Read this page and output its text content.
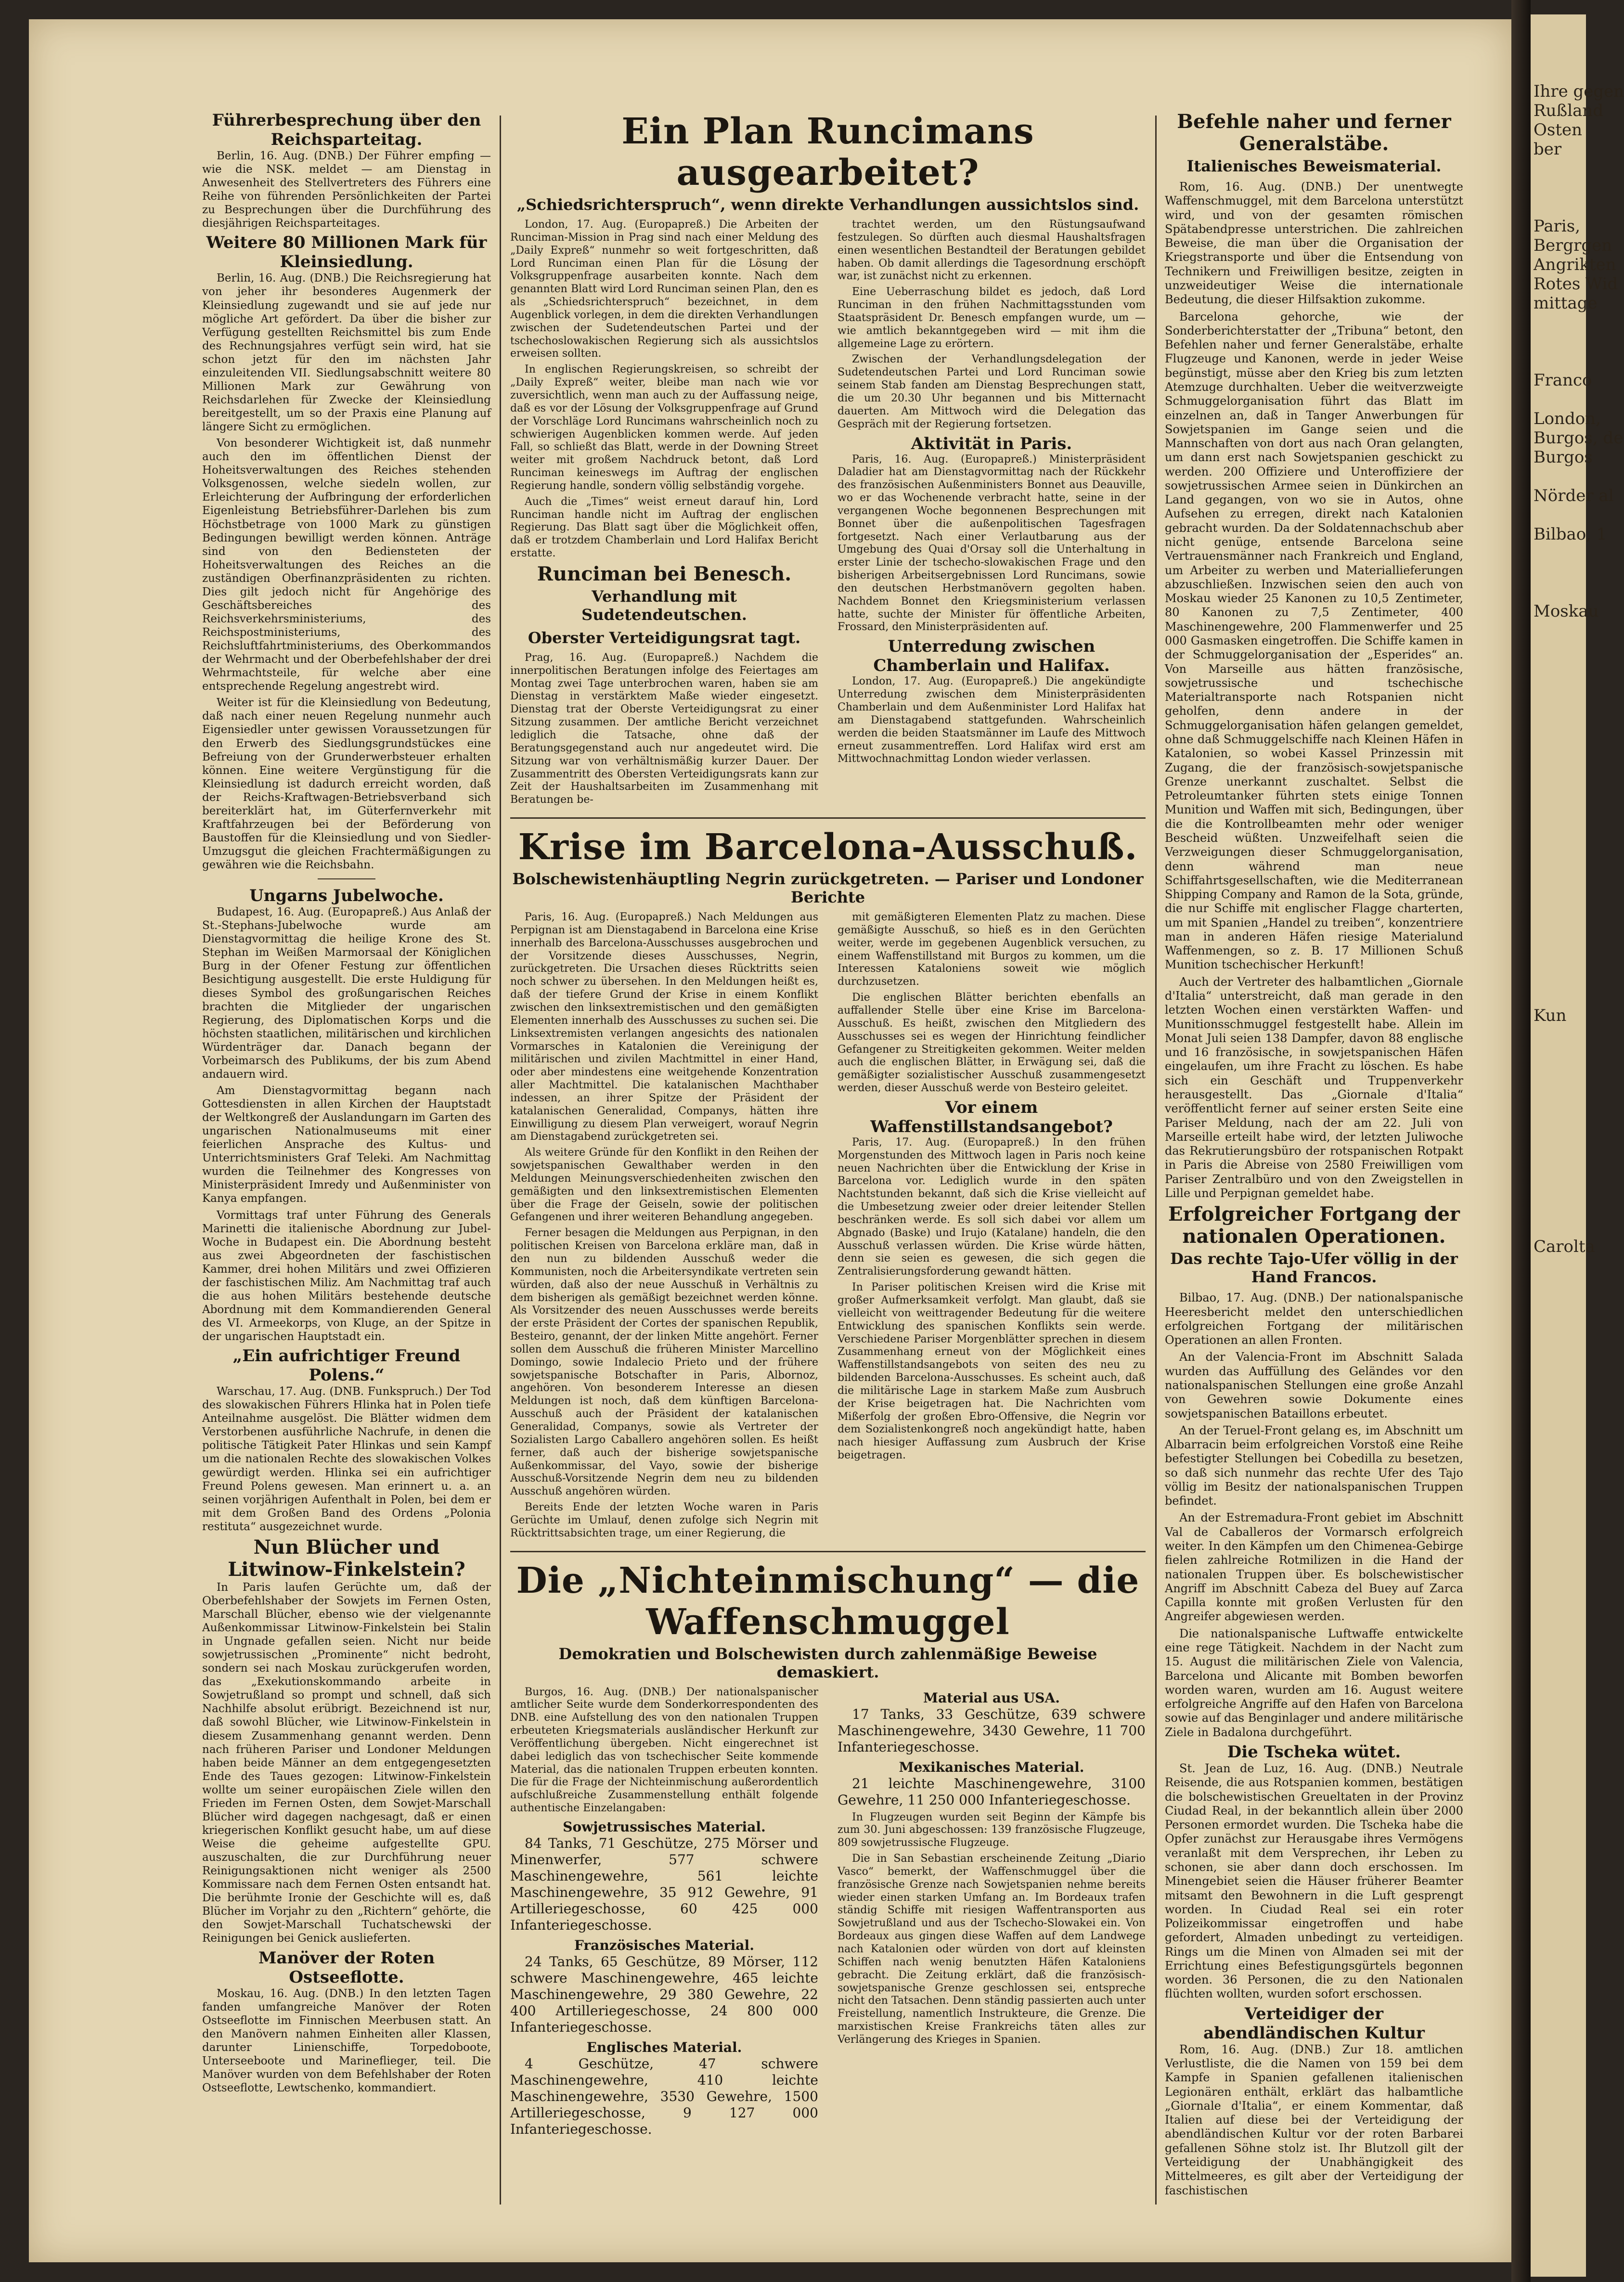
Ihre gegen
Rußland
Osten
ber

Paris,
Bergrgen
Angrikten
Rotes Wid
mittage

Franco

London,
Burgos, de
Burgos

Nörder al

Bilbao, 1

Moskau

Kun

Carolta
Führerbesprechung über den Reichsparteitag.

Berlin, 16. Aug. (DNB.) Der Führer empfing — wie die NSK. meldet — am Dienstag in Anwesenheit des Stellvertreters des Führers eine Reihe von führenden Persönlichkeiten der Partei zu Besprechungen über die Durchführung des diesjährigen Reichsparteitages.

Weitere 80 Millionen Mark für Kleinsiedlung.

Berlin, 16. Aug. (DNB.) Die Reichsregierung hat von jeher ihr besonderes Augenmerk der Kleinsiedlung zugewandt und sie auf jede nur mögliche Art gefördert. Da über die bisher zur Verfügung gestellten Reichsmittel bis zum Ende des Rechnungsjahres verfügt sein wird, hat sie schon jetzt für den im nächsten Jahr einzuleitenden VII. Siedlungsabschnitt weitere 80 Millionen Mark zur Gewährung von Reichsdarlehen für Zwecke der Kleinsiedlung bereitgestellt, um so der Praxis eine Planung auf längere Sicht zu ermöglichen.

Von besonderer Wichtigkeit ist, daß nunmehr auch den im öffentlichen Dienst der Hoheitsverwaltungen des Reiches stehenden Volksgenossen, welche siedeln wollen, zur Erleichterung der Aufbringung der erforderlichen Eigenleistung Betriebsführer-Darlehen bis zum Höchstbetrage von 1000 Mark zu günstigen Bedingungen bewilligt werden können. Anträge sind von den Bediensteten der Hoheitsverwaltungen des Reiches an die zuständigen Oberfinanzpräsidenten zu richten. Dies gilt jedoch nicht für Angehörige des Geschäftsbereiches des Reichsverkehrsministeriums, des Reichspostministeriums, des Reichsluftfahrtministeriums, des Oberkommandos der Wehrmacht und der Oberbefehlshaber der drei Wehrmachtsteile, für welche aber eine entsprechende Regelung angestrebt wird.

Weiter ist für die Kleinsiedlung von Bedeutung, daß nach einer neuen Regelung nunmehr auch Eigensiedler unter gewissen Voraussetzungen für den Erwerb des Siedlungsgrundstückes eine Befreiung von der Grunderwerbsteuer erhalten können. Eine weitere Vergünstigung für die Kleinsiedlung ist dadurch erreicht worden, daß der Reichs-Kraftwagen-Betriebsverband sich bereiterklärt hat, im Güterfernverkehr mit Kraftfahrzeugen bei der Beförderung von Baustoffen für die Kleinsiedlung und von Siedler-Umzugsgut die gleichen Frachtermäßigungen zu gewähren wie die Reichsbahn.

Ungarns Jubelwoche.

Budapest, 16. Aug. (Europapreß.) Aus Anlaß der St.-Stephans-Jubelwoche wurde am Dienstagvormittag die heilige Krone des St. Stephan im Weißen Marmorsaal der Königlichen Burg in der Ofener Festung zur öffentlichen Besichtigung ausgestellt. Die erste Huldigung für dieses Symbol des großungarischen Reiches brachten die Mitglieder der ungarischen Regierung, des Diplomatischen Korps und die höchsten staatlichen, militärischen und kirchlichen Würdenträger dar. Danach begann der Vorbeimarsch des Publikums, der bis zum Abend andauern wird.

Am Dienstagvormittag begann nach Gottesdiensten in allen Kirchen der Hauptstadt der Weltkongreß der Auslandungarn im Garten des ungarischen Nationalmuseums mit einer feierlichen Ansprache des Kultus- und Unterrichtsministers Graf Teleki. Am Nachmittag wurden die Teilnehmer des Kongresses von Ministerpräsident Imredy und Außenminister von Kanya empfangen.

Vormittags traf unter Führung des Generals Marinetti die italienische Abordnung zur Jubel-Woche in Budapest ein. Die Abordnung besteht aus zwei Abgeordneten der faschistischen Kammer, drei hohen Militärs und zwei Offizieren der faschistischen Miliz. Am Nachmittag traf auch die aus hohen Militärs bestehende deutsche Abordnung mit dem Kommandierenden General des VI. Armeekorps, von Kluge, an der Spitze in der ungarischen Hauptstadt ein.

„Ein aufrichtiger Freund Polens.“

Warschau, 17. Aug. (DNB. Funkspruch.) Der Tod des slowakischen Führers Hlinka hat in Polen tiefe Anteilnahme ausgelöst. Die Blätter widmen dem Verstorbenen ausführliche Nachrufe, in denen die politische Tätigkeit Pater Hlinkas und sein Kampf um die nationalen Rechte des slowakischen Volkes gewürdigt werden. Hlinka sei ein aufrichtiger Freund Polens gewesen. Man erinnert u. a. an seinen vorjährigen Aufenthalt in Polen, bei dem er mit dem Großen Band des Ordens „Polonia restituta“ ausgezeichnet wurde.

Nun Blücher und Litwinow-Finkelstein?

In Paris laufen Gerüchte um, daß der Oberbefehlshaber der Sowjets im Fernen Osten, Marschall Blücher, ebenso wie der vielgenannte Außenkommissar Litwinow-Finkelstein bei Stalin in Ungnade gefallen seien. Nicht nur beide sowjetrussischen „Prominente“ nicht bedroht, sondern sei nach Moskau zurückgerufen worden, das „Exekutionskommando arbeite in Sowjetrußland so prompt und schnell, daß sich Nachhilfe absolut erübrigt. Bezeichnend ist nur, daß sowohl Blücher, wie Litwinow-Finkelstein in diesem Zusammenhang genannt werden. Denn nach früheren Pariser und Londoner Meldungen haben beide Männer an dem entgegengesetzten Ende des Taues gezogen: Litwinow-Finkelstein wollte um seiner europäischen Ziele willen den Frieden im Fernen Osten, dem Sowjet-Marschall Blücher wird dagegen nachgesagt, daß er einen kriegerischen Konflikt gesucht habe, um auf diese Weise die geheime aufgestellte GPU. auszuschalten, die zur Durchführung neuer Reinigungsaktionen nicht weniger als 2500 Kommissare nach dem Fernen Osten entsandt hat. Die berühmte Ironie der Geschichte will es, daß Blücher im Vorjahr zu den „Richtern“ gehörte, die den Sowjet-Marschall Tuchatschewski der Reinigungen bei Genick auslieferten.

Manöver der Roten Ostseeflotte.

Moskau, 16. Aug. (DNB.) In den letzten Tagen fanden umfangreiche Manöver der Roten Ostseeflotte im Finnischen Meerbusen statt. An den Manövern nahmen Einheiten aller Klassen, darunter Linienschiffe, Torpedoboote, Unterseeboote und Marineflieger, teil. Die Manöver wurden von dem Befehlshaber der Roten Ostseeflotte, Lewtschenko, kommandiert.

Ein Plan Runcimans ausgearbeitet?
„Schiedsrichterspruch“, wenn direkte Verhandlungen aussichtslos sind.

London, 17. Aug. (Europapreß.) Die Arbeiten der Runciman-Mission in Prag sind nach einer Meldung des „Daily Expreß“ nunmehr so weit fortgeschritten, daß Lord Runciman einen Plan für die Lösung der Volksgruppenfrage ausarbeiten konnte. Nach dem genannten Blatt wird Lord Runciman seinen Plan, den es als „Schiedsrichterspruch“ bezeichnet, in dem Augenblick vorlegen, in dem die direkten Verhandlungen zwischen der Sudetendeutschen Partei und der tschechoslowakischen Regierung sich als aussichtslos erweisen sollten.

In englischen Regierungskreisen, so schreibt der „Daily Expreß“ weiter, bleibe man nach wie vor zuversichtlich, wenn man auch zu der Auffassung neige, daß es vor der Lösung der Volksgruppenfrage auf Grund der Vorschläge Lord Runcimans wahrscheinlich noch zu schwierigen Augenblicken kommen werde. Auf jeden Fall, so schließt das Blatt, werde in der Downing Street weiter mit großem Nachdruck betont, daß Lord Runciman keineswegs im Auftrag der englischen Regierung handle, sondern völlig selbständig vorgehe.

Auch die „Times“ weist erneut darauf hin, Lord Runciman handle nicht im Auftrag der englischen Regierung. Das Blatt sagt über die Möglichkeit offen, daß er trotzdem Chamberlain und Lord Halifax Bericht erstatte.

Runciman bei Benesch.
Verhandlung mit Sudetendeutschen.
Oberster Verteidigungsrat tagt.

Prag, 16. Aug. (Europapreß.) Nachdem die innerpolitischen Beratungen infolge des Feiertages am Montag zwei Tage unterbrochen waren, haben sie am Dienstag in verstärktem Maße wieder eingesetzt. Dienstag trat der Oberste Verteidigungsrat zu einer Sitzung zusammen. Der amtliche Bericht verzeichnet lediglich die Tatsache, ohne daß der Beratungsgegenstand auch nur angedeutet wird. Die Sitzung war von verhältnismäßig kurzer Dauer. Der Zusammentritt des Obersten Verteidigungsrats kann zur Zeit der Haushaltsarbeiten im Zusammenhang mit Beratungen be-

trachtet werden, um den Rüstungsaufwand festzulegen. So dürften auch diesmal Haushaltsfragen einen wesentlichen Bestandteil der Beratungen gebildet haben. Ob damit allerdings die Tagesordnung erschöpft war, ist zunächst nicht zu erkennen.

Eine Ueberraschung bildet es jedoch, daß Lord Runciman in den frühen Nachmittagsstunden vom Staatspräsident Dr. Benesch empfangen wurde, um — wie amtlich bekanntgegeben wird — mit ihm die allgemeine Lage zu erörtern.

Zwischen der Verhandlungsdelegation der Sudetendeutschen Partei und Lord Runciman sowie seinem Stab fanden am Dienstag Besprechungen statt, die um 20.30 Uhr begannen und bis Mitternacht dauerten. Am Mittwoch wird die Delegation das Gespräch mit der Regierung fortsetzen.

Aktivität in Paris.

Paris, 16. Aug. (Europapreß.) Ministerpräsident Daladier hat am Dienstagvormittag nach der Rückkehr des französischen Außenministers Bonnet aus Deauville, wo er das Wochenende verbracht hatte, seine in der vergangenen Woche begonnenen Besprechungen mit Bonnet über die außenpolitischen Tagesfragen fortgesetzt. Nach einer Verlautbarung aus der Umgebung des Quai d'Orsay soll die Unterhaltung in erster Linie der tschecho-slowakischen Frage und den bisherigen Arbeitsergebnissen Lord Runcimans, sowie den deutschen Herbstmanövern gegolten haben. Nachdem Bonnet den Kriegsministerium verlassen hatte, suchte der Minister für öffentliche Arbeiten, Frossard, den Ministerpräsidenten auf.

Unterredung zwischen Chamberlain und Halifax.

London, 17. Aug. (Europapreß.) Die angekündigte Unterredung zwischen dem Ministerpräsidenten Chamberlain und dem Außenminister Lord Halifax hat am Dienstagabend stattgefunden. Wahrscheinlich werden die beiden Staatsmänner im Laufe des Mittwoch erneut zusammentreffen. Lord Halifax wird erst am Mittwochnachmittag London wieder verlassen.

Krise im Barcelona-Ausschuß.
Bolschewistenhäuptling Negrin zurückgetreten. — Pariser und Londoner Berichte

Paris, 16. Aug. (Europapreß.) Nach Meldungen aus Perpignan ist am Dienstagabend in Barcelona eine Krise innerhalb des Barcelona-Ausschusses ausgebrochen und der Vorsitzende dieses Ausschusses, Negrin, zurückgetreten. Die Ursachen dieses Rücktritts seien noch schwer zu übersehen. In den Meldungen heißt es, daß der tiefere Grund der Krise in einem Konflikt zwischen den linksextremistischen und den gemäßigten Elementen innerhalb des Ausschusses zu suchen sei. Die Linksextremisten verlangen angesichts des nationalen Vormarsches in Katalonien die Vereinigung der militärischen und zivilen Machtmittel in einer Hand, oder aber mindestens eine weitgehende Konzentration aller Machtmittel. Die katalanischen Machthaber indessen, an ihrer Spitze der Präsident der katalanischen Generalidad, Companys, hätten ihre Einwilligung zu diesem Plan verweigert, worauf Negrin am Dienstagabend zurückgetreten sei.

Als weitere Gründe für den Konflikt in den Reihen der sowjetspanischen Gewalthaber werden in den Meldungen Meinungsverschiedenheiten zwischen den gemäßigten und den linksextremistischen Elementen über die Frage der Geiseln, sowie der politischen Gefangenen und ihrer weiteren Behandlung angegeben.

Ferner besagen die Meldungen aus Perpignan, in den politischen Kreisen von Barcelona erkläre man, daß in den nun zu bildenden Ausschuß weder die Kommunisten, noch die Arbeitersyndikate vertreten sein würden, daß also der neue Ausschuß in Verhältnis zu dem bisherigen als gemäßigt bezeichnet werden könne. Als Vorsitzender des neuen Ausschusses werde bereits der erste Präsident der Cortes der spanischen Republik, Besteiro, genannt, der der linken Mitte angehört. Ferner sollen dem Ausschuß die früheren Minister Marcellino Domingo, sowie Indalecio Prieto und der frühere sowjetspanische Botschafter in Paris, Albornoz, angehören. Von besonderem Interesse an diesen Meldungen ist noch, daß dem künftigen Barcelona-Ausschuß auch der Präsident der katalanischen Generalidad, Companys, sowie als Vertreter der Sozialisten Largo Caballero angehören sollen. Es heißt ferner, daß auch der bisherige sowjetspanische Außenkommissar, del Vayo, sowie der bisherige Ausschuß-Vorsitzende Negrin dem neu zu bildenden Ausschuß angehören würden.

Bereits Ende der letzten Woche waren in Paris Gerüchte im Umlauf, denen zufolge sich Negrin mit Rücktrittsabsichten trage, um einer Regierung, die

mit gemäßigteren Elementen Platz zu machen. Diese gemäßigte Ausschuß, so hieß es in den Gerüchten weiter, werde im gegebenen Augenblick versuchen, zu einem Waffenstillstand mit Burgos zu kommen, um die Interessen Kataloniens soweit wie möglich durchzusetzen.

Die englischen Blätter berichten ebenfalls an auffallender Stelle über eine Krise im Barcelona-Ausschuß. Es heißt, zwischen den Mitgliedern des Ausschusses sei es wegen der Hinrichtung feindlicher Gefangener zu Streitigkeiten gekommen. Weiter melden auch die englischen Blätter, in Erwägung sei, daß die gemäßigter sozialistischer Ausschuß zusammengesetzt werden, dieser Ausschuß werde von Besteiro geleitet.

Vor einem Waffenstillstandsangebot?

Paris, 17. Aug. (Europapreß.) In den frühen Morgenstunden des Mittwoch lagen in Paris noch keine neuen Nachrichten über die Entwicklung der Krise in Barcelona vor. Lediglich wurde in den späten Nachtstunden bekannt, daß sich die Krise vielleicht auf die Umbesetzung zweier oder dreier leitender Stellen beschränken werde. Es soll sich dabei vor allem um Abgnado (Baske) und Irujo (Katalane) handeln, die den Ausschuß verlassen würden. Die Krise würde hätten, denn sie seien es gewesen, die sich gegen die Zentralisierungsforderung gewandt hätten.

In Pariser politischen Kreisen wird die Krise mit großer Aufmerksamkeit verfolgt. Man glaubt, daß sie vielleicht von weittragender Bedeutung für die weitere Entwicklung des spanischen Konflikts sein werde. Verschiedene Pariser Morgenblätter sprechen in diesem Zusammenhang erneut von der Möglichkeit eines Waffenstillstandsangebots von seiten des neu zu bildenden Barcelona-Ausschusses. Es scheint auch, daß die militärische Lage in starkem Maße zum Ausbruch der Krise beigetragen hat. Die Nachrichten vom Mißerfolg der großen Ebro-Offensive, die Negrin vor dem Sozialistenkongreß noch angekündigt hatte, haben nach hiesiger Auffassung zum Ausbruch der Krise beigetragen.

Die „Nichteinmischung“ — die Waffenschmuggel
Demokratien und Bolschewisten durch zahlenmäßige Beweise demaskiert.

Burgos, 16. Aug. (DNB.) Der nationalspanischer amtlicher Seite wurde dem Sonderkorrespondenten des DNB. eine Aufstellung des von den nationalen Truppen erbeuteten Kriegsmaterials ausländischer Herkunft zur Veröffentlichung übergeben. Nicht eingerechnet ist dabei lediglich das von tschechischer Seite kommende Material, das die nationalen Truppen erbeuten konnten. Die für die Frage der Nichteinmischung außerordentlich aufschlußreiche Zusammenstellung enthält folgende authentische Einzelangaben:

Sowjetrussisches Material.

84 Tanks, 71 Geschütze, 275 Mörser und Minenwerfer, 577 schwere Maschinengewehre, 561 leichte Maschinengewehre, 35 912 Gewehre, 91 Artilleriegeschosse, 60 425 000 Infanteriegeschosse.

Französisches Material.

24 Tanks, 65 Geschütze, 89 Mörser, 112 schwere Maschinengewehre, 465 leichte Maschinengewehre, 29 380 Gewehre, 22 400 Artilleriegeschosse, 24 800 000 Infanteriegeschosse.

Englisches Material.

4 Geschütze, 47 schwere Maschinengewehre, 410 leichte Maschinengewehre, 3530 Gewehre, 1500 Artilleriegeschosse, 9 127 000 Infanteriegeschosse.

Material aus USA.

17 Tanks, 33 Geschütze, 639 schwere Maschinengewehre, 3430 Gewehre, 11 700 Infanteriegeschosse.

Mexikanisches Material.

21 leichte Maschinengewehre, 3100 Gewehre, 11 250 000 Infanteriegeschosse.

In Flugzeugen wurden seit Beginn der Kämpfe bis zum 30. Juni abgeschossen: 139 französische Flugzeuge, 809 sowjetrussische Flugzeuge.

Die in San Sebastian erscheinende Zeitung „Diario Vasco“ bemerkt, der Waffenschmuggel über die französische Grenze nach Sowjetspanien nehme bereits wieder einen starken Umfang an. Im Bordeaux trafen ständig Schiffe mit riesigen Waffentransporten aus Sowjetrußland und aus der Tschecho-Slowakei ein. Von Bordeaux aus gingen diese Waffen auf dem Landwege nach Katalonien oder würden von dort auf kleinsten Schiffen nach wenig benutzten Häfen Kataloniens gebracht. Die Zeitung erklärt, daß die französisch-sowjetspanische Grenze geschlossen sei, entspreche nicht den Tatsachen. Denn ständig passierten auch unter Freistellung, namentlich Instrukteure, die Grenze. Die marxistischen Kreise Frankreichs täten alles zur Verlängerung des Krieges in Spanien.

Befehle naher und ferner Generalstäbe.
Italienisches Beweismaterial.

Rom, 16. Aug. (DNB.) Der unentwegte Waffenschmuggel, mit dem Barcelona unterstützt wird, und von der gesamten römischen Spätabendpresse unterstrichen. Die zahlreichen Beweise, die man über die Organisation der Kriegstransporte und über die Entsendung von Technikern und Freiwilligen besitze, zeigten in unzweideutiger Weise die internationale Bedeutung, die dieser Hilfsaktion zukomme.

Barcelona gehorche, wie der Sonderberichterstatter der „Tribuna“ betont, den Befehlen naher und ferner Generalstäbe, erhalte Flugzeuge und Kanonen, werde in jeder Weise begünstigt, müsse aber den Krieg bis zum letzten Atemzuge durchhalten. Ueber die weitverzweigte Schmuggelorganisation führt das Blatt im einzelnen an, daß in Tanger Anwerbungen für Sowjetspanien im Gange seien und die Mannschaften von dort aus nach Oran gelangten, um dann erst nach Sowjetspanien geschickt zu werden. 200 Offiziere und Unteroffiziere der sowjetrussischen Armee seien in Dünkirchen an Land gegangen, von wo sie in Autos, ohne Aufsehen zu erregen, direkt nach Katalonien gebracht wurden. Da der Soldatennachschub aber nicht genüge, entsende Barcelona seine Vertrauensmänner nach Frankreich und England, um Arbeiter zu werben und Materiallieferungen abzuschließen. Inzwischen seien den auch von Moskau wieder 25 Kanonen zu 10,5 Zentimeter, 80 Kanonen zu 7,5 Zentimeter, 400 Maschinengewehre, 200 Flammenwerfer und 25 000 Gasmasken eingetroffen. Die Schiffe kamen in der Schmuggelorganisation der „Esperides“ an. Von Marseille aus hätten französische, sowjetrussische und tschechische Materialtransporte nach Rotspanien nicht geholfen, denn andere in der Schmuggelorganisation häfen gelangen gemeldet, ohne daß Schmuggelschiffe nach Kleinen Häfen in Katalonien, so wobei Kassel Prinzessin mit Zugang, die der französisch-sowjetspanische Grenze unerkannt zuschaltet. Selbst die Petroleumtanker führten stets einige Tonnen Munition und Waffen mit sich, Bedingungen, über die die Kontrollbeamten mehr oder weniger Bescheid wüßten. Unzweifelhaft seien die Verzweigungen dieser Schmuggelorganisation, denn während man neue Schiffahrtsgesellschaften, wie die Mediterranean Shipping Company and Ramon de la Sota, gründe, die nur Schiffe mit englischer Flagge charterten, um mit Spanien „Handel zu treiben“, konzentriere man in anderen Häfen riesige Materialund Waffenmengen, so z. B. 17 Millionen Schuß Munition tschechischer Herkunft!

Auch der Vertreter des halbamtlichen „Giornale d'Italia“ unterstreicht, daß man gerade in den letzten Wochen einen verstärkten Waffen- und Munitionsschmuggel festgestellt habe. Allein im Monat Juli seien 138 Dampfer, davon 88 englische und 16 französische, in sowjetspanischen Häfen eingelaufen, um ihre Fracht zu löschen. Es habe sich ein Geschäft und Truppenverkehr herausgestellt. Das „Giornale d'Italia“ veröffentlicht ferner auf seiner ersten Seite eine Pariser Meldung, nach der am 22. Juli von Marseille erteilt habe wird, der letzten Juliwoche das Rekrutierungsbüro der rotspanischen Rotpakt in Paris die Abreise von 2580 Freiwilligen vom Pariser Zentralbüro und von den Zweigstellen in Lille und Perpignan gemeldet habe.

Erfolgreicher Fortgang der nationalen Operationen.
Das rechte Tajo-Ufer völlig in der Hand Francos.

Bilbao, 17. Aug. (DNB.) Der nationalspanische Heeresbericht meldet den unterschiedlichen erfolgreichen Fortgang der militärischen Operationen an allen Fronten.

An der Valencia-Front im Abschnitt Salada wurden das Auffüllung des Geländes vor den nationalspanischen Stellungen eine große Anzahl von Gewehren sowie Dokumente eines sowjetspanischen Bataillons erbeutet.

An der Teruel-Front gelang es, im Abschnitt um Albarracin beim erfolgreichen Vorstoß eine Reihe befestigter Stellungen bei Cobedilla zu besetzen, so daß sich nunmehr das rechte Ufer des Tajo völlig im Besitz der nationalspanischen Truppen befindet.

An der Estremadura-Front gebiet im Abschnitt Val de Caballeros der Vormarsch erfolgreich weiter. In den Kämpfen um den Chimenea-Gebirge fielen zahlreiche Rotmilizen in die Hand der nationalen Truppen über. Es bolschewistischer Angriff im Abschnitt Cabeza del Buey auf Zarca Capilla konnte mit großen Verlusten für den Angreifer abgewiesen werden.

Die nationalspanische Luftwaffe entwickelte eine rege Tätigkeit. Nachdem in der Nacht zum 15. August die militärischen Ziele von Valencia, Barcelona und Alicante mit Bomben beworfen worden waren, wurden am 16. August weitere erfolgreiche Angriffe auf den Hafen von Barcelona sowie auf das Benginlager und andere militärische Ziele in Badalona durchgeführt.

Die Tscheka wütet.

St. Jean de Luz, 16. Aug. (DNB.) Neutrale Reisende, die aus Rotspanien kommen, bestätigen die bolschewistischen Greueltaten in der Provinz Ciudad Real, in der bekanntlich allein über 2000 Personen ermordet wurden. Die Tscheka habe die Opfer zunächst zur Herausgabe ihres Vermögens veranlaßt mit dem Versprechen, ihr Leben zu schonen, sie aber dann doch erschossen. Im Minengebiet seien die Häuser früherer Beamter mitsamt den Bewohnern in die Luft gesprengt worden. In Ciudad Real sei ein roter Polizeikommissar eingetroffen und habe gefordert, Almaden unbedingt zu verteidigen. Rings um die Minen von Almaden sei mit der Errichtung eines Befestigungsgürtels begonnen worden. 36 Personen, die zu den Nationalen flüchten wollten, wurden sofort erschossen.

Verteidiger der abendländischen Kultur

Rom, 16. Aug. (DNB.) Zur 18. amtlichen Verlustliste, die die Namen von 159 bei dem Kampfe in Spanien gefallenen italienischen Legionären enthält, erklärt das halbamtliche „Giornale d'Italia“, er einem Kommentar, daß Italien auf diese bei der Verteidigung der abendländischen Kultur vor der roten Barbarei gefallenen Söhne stolz ist. Ihr Blutzoll gilt der Verteidigung der Unabhängigkeit des Mittelmeeres, es gilt aber der Verteidigung der faschistischen
